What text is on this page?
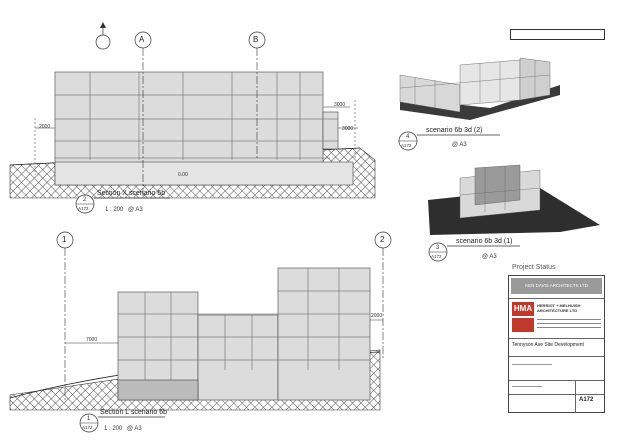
A	B
2000
3000
3000
0.00
2
A172
Section X scenario 6b
1 : 200 @ A3
4
A172
scenario 6b 3d (2)
@ A3
3
A172
scenario 6b 3d (1)
@ A3
1	2
7000
2000
1
A172
Section L scenario 6b
1 : 200 @ A3
Project Status
KEN DAVIS ARCHITECTS LTD
HMA	HERRIOT + MELHUISH ARCHITECTURE LTD
Tennyson Ave Site Development
A172
